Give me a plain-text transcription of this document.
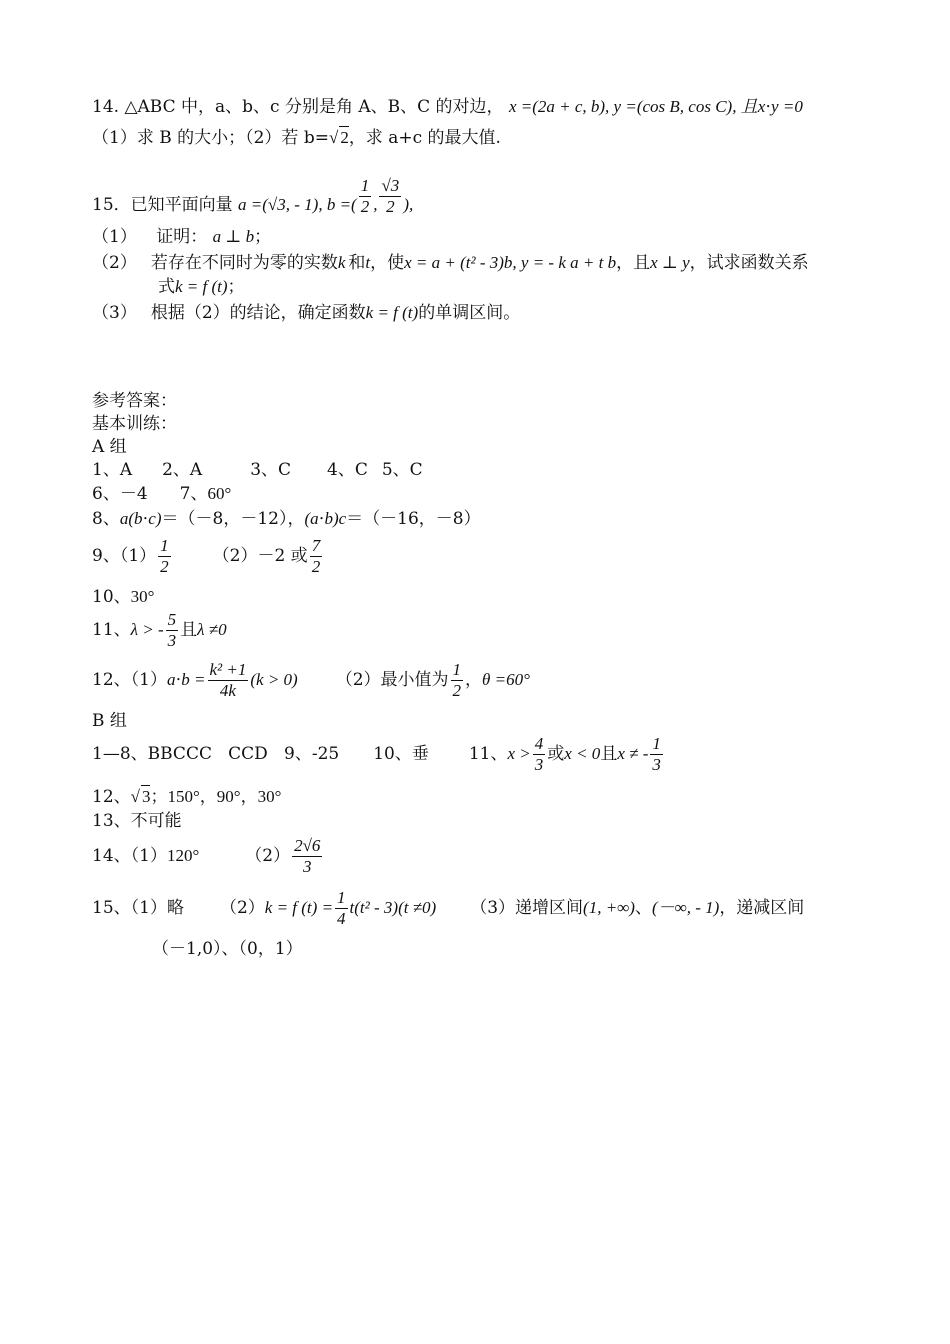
14. △ABC 中，a、b、c 分别是角 A、B、C 的对边， x =(2a + c, b), y =(cos B, cos C), 且x⋅y =0
（1）求 B 的大小；（2）若 b=√ 2，求 a+c 的最大值.
15．已知平面向量 a =(√3, - 1), b =( $\frac{1}{2}$ , $\frac{√3}{2}$ ),
（1） 证明： a ⊥ b；
（2） 若存在不同时为零的实数k 和t，使x = a + (t² - 3)b, y = - k a + t b，且x ⊥ y，试求函数关系
式k = f (t)；
（3） 根据（2）的结论，确定函数k = f (t)的单调区间。
参考答案：
基本训练：
A 组
1、A 2、A	3、C 4、C 5、C
6、－4 7、60°
8、a(b⋅c)＝（－8，－12），(a⋅b)c＝（－16，－8）
9、$(1) \frac{1}{2} (2)-2$ 或 $\frac{7}{2}$
10、30°
11、λ > - $\frac{5}{3}$ 且λ ≠0
12、$(1)a\cdot b = \frac{\text{k² +1}}{4k} (k > 0)$ （2）最小值为 $\frac{1}{2}$ ，θ =60°
B 组
1—8、BBCCC   CCD   9、-25 10、垂 11、$x > \frac{4}{3}$ 或x < 0且x ≠ - $\frac{1}{3}$
12、√ 3；150°，90°，30°
13、不可能
14、（1）120°	$(2) \frac{2√6}{3}$
15、（1）略 （2）k = f $(t) = \frac{1}{4} t(t^2 - 3)(t \ne 0)$ （3）递增区间(1, +∞)、(－∞, - 1)，递减区间
（－1,0）、（0，1）
